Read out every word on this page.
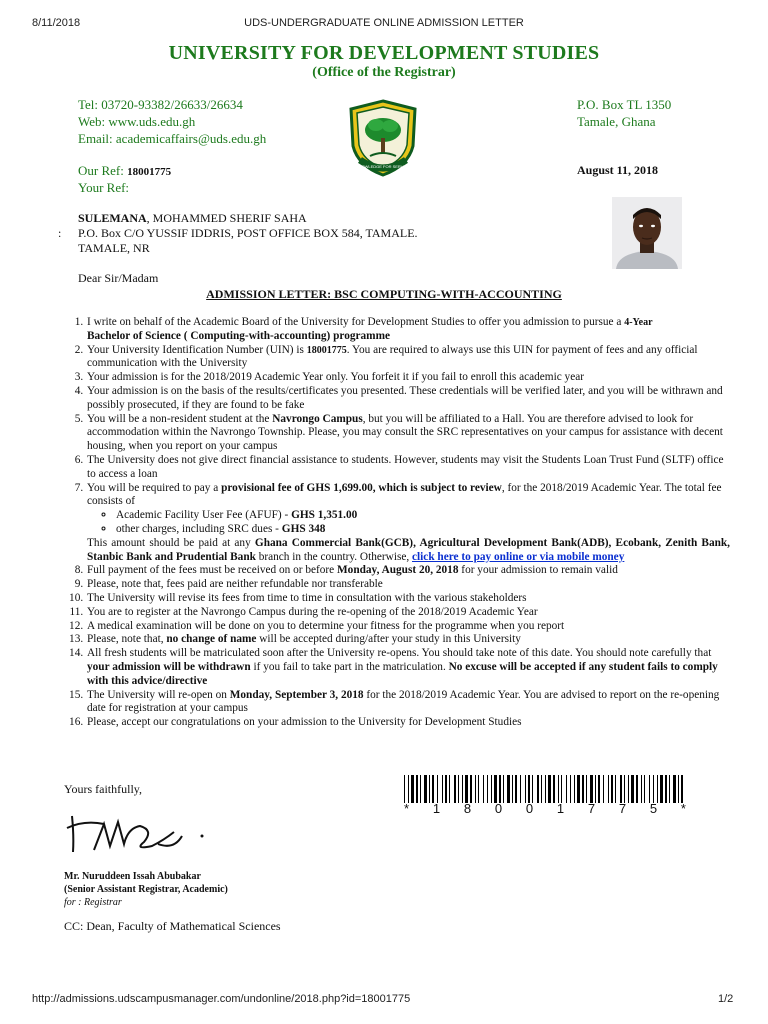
8/11/2018	UDS-UNDERGRADUATE ONLINE ADMISSION LETTER
UNIVERSITY FOR DEVELOPMENT STUDIES
(Office of the Registrar)
Tel: 03720-93382/26633/26634
Web: www.uds.edu.gh
Email: academicaffairs@uds.edu.gh
P.O. Box TL 1350
Tamale, Ghana
KNOWLEDGE FOR SERVICE
Our Ref: 18001775
Your Ref:
August 11, 2018
SULEMANA, MOHAMMED SHERIF SAHA
: P.O. Box C/O YUSSIF IDDRIS, POST OFFICE BOX 584, TAMALE.
TAMALE, NR
Dear Sir/Madam
ADMISSION LETTER: BSC COMPUTING-WITH-ACCOUNTING
1. I write on behalf of the Academic Board of the University for Development Studies to offer you admission to pursue a 4-Year
Bachelor of Science ( Computing-with-accounting) programme
2. Your University Identification Number (UIN) is 18001775. You are required to always use this UIN for payment of fees and any official communication with the University
3. Your admission is for the 2018/2019 Academic Year only. You forfeit it if you fail to enroll this academic year
4. Your admission is on the basis of the results/certificates you presented. These credentials will be verified later, and you will be withrawn and possibly prosecuted, if they are found to be fake
5. You will be a non-resident student at the Navrongo Campus, but you will be affiliated to a Hall. You are therefore advised to look for accommodation within the Navrongo Township. Please, you may consult the SRC representatives on your campus for assistance with decent housing, when you report on your campus
6. The University does not give direct financial assistance to students. However, students may visit the Students Loan Trust Fund (SLTF) office to access a loan
7. You will be required to pay a provisional fee of GHS 1,699.00, which is subject to review, for the 2018/2019 Academic Year. The total fee consists of
◦ Academic Facility User Fee (AFUF) - GHS 1,351.00
◦ other charges, including SRC dues - GHS 348
This amount should be paid at any Ghana Commercial Bank(GCB), Agricultural Development Bank(ADB), Ecobank, Zenith Bank, Stanbic Bank and Prudential Bank branch in the country. Otherwise, click here to pay online or via mobile money
8. Full payment of the fees must be received on or before Monday, August 20, 2018 for your admission to remain valid
9. Please, note that, fees paid are neither refundable nor transferable
10. The University will revise its fees from time to time in consultation with the various stakeholders
11. You are to register at the Navrongo Campus during the re-opening of the 2018/2019 Academic Year
12. A medical examination will be done on you to determine your fitness for the programme when you report
13. Please, note that, no change of name will be accepted during/after your study in this University
14. All fresh students will be matriculated soon after the University re-opens. You should take note of this date. You should note carefully that your admission will be withdrawn if you fail to take part in the matriculation. No excuse will be accepted if any student fails to comply with this advice/directive
15. The University will re-open on Monday, September 3, 2018 for the 2018/2019 Academic Year. You are advised to report on the re-opening date for registration at your campus
16. Please, accept our congratulations on your admission to the University for Development Studies
Yours faithfully,
Mr. Nuruddeen Issah Abubakar
(Senior Assistant Registrar, Academic)
for : Registrar
CC: Dean, Faculty of Mathematical Sciences
* 1 8 0 0 1 7 7 5 *
http://admissions.udscampusmanager.com/undonline/2018.php?id=18001775	1/2
